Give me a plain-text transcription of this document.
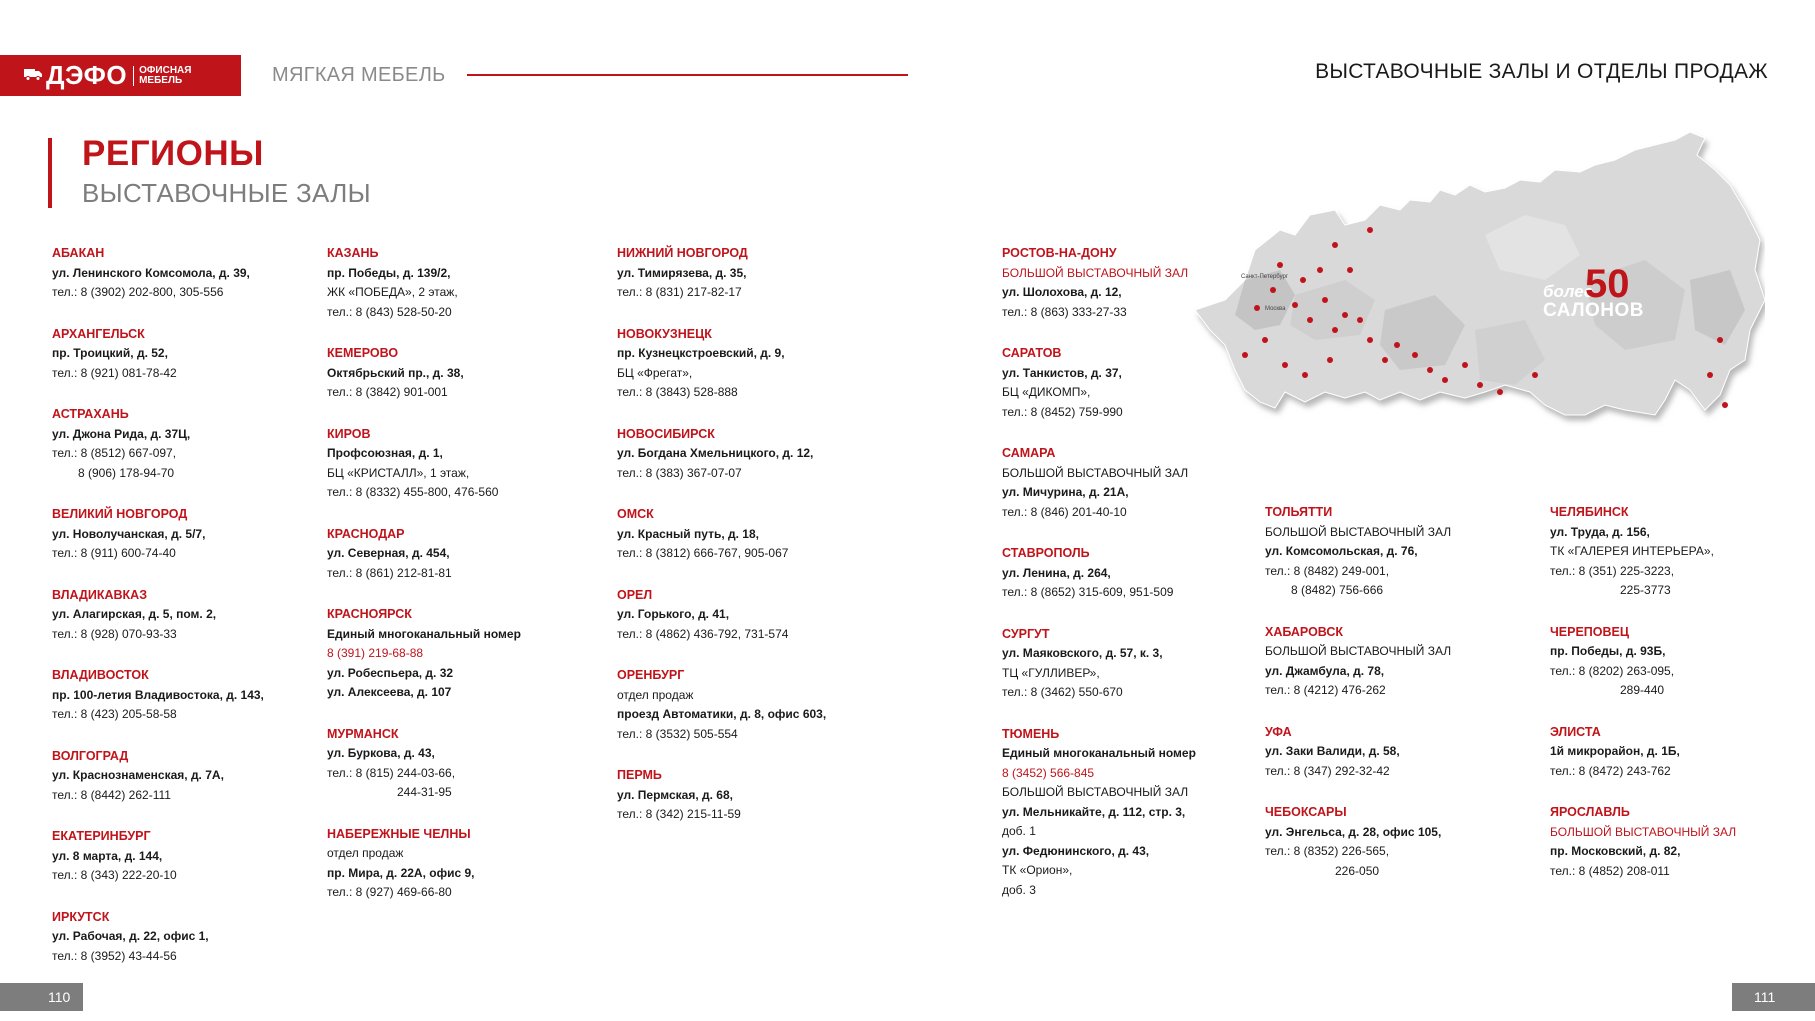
ДЭФО	ОФИСНАЯ
МЕБЕЛЬ	МЯГКАЯ МЕБЕЛЬ	ВЫСТАВОЧНЫЕ ЗАЛЫ И ОТДЕЛЫ ПРОДАЖ
РЕГИОНЫ
ВЫСТАВОЧНЫЕ ЗАЛЫ
АБАКАН
ул. Ленинского Комсомола, д. 39,
тел.: 8 (3902) 202-800, 305-556
АРХАНГЕЛЬСК
пр. Троицкий, д. 52,
тел.: 8 (921) 081-78-42
АСТРАХАНЬ
ул. Джона Рида, д. 37Ц,
тел.: 8 (8512) 667-097,
8 (906) 178-94-70
ВЕЛИКИЙ НОВГОРОД
ул. Новолучанская, д. 5/7,
тел.: 8 (911) 600-74-40
ВЛАДИКАВКАЗ
ул. Алагирская, д. 5, пом. 2,
тел.: 8 (928) 070-93-33
ВЛАДИВОСТОК
пр. 100-летия Владивостока, д. 143,
тел.: 8 (423) 205-58-58
ВОЛГОГРАД
ул. Краснознаменская, д. 7А,
тел.: 8 (8442) 262-111
ЕКАТЕРИНБУРГ
ул. 8 марта, д. 144,
тел.: 8 (343) 222-20-10
ИРКУТСК
ул. Рабочая, д. 22, офис 1,
тел.: 8 (3952) 43-44-56
КАЗАНЬ
пр. Победы, д. 139/2,
ЖК «ПОБЕДА», 2 этаж,
тел.: 8 (843) 528-50-20
КЕМЕРОВО
Октябрьский пр., д. 38,
тел.: 8 (3842) 901-001
КИРОВ
Профсоюзная, д. 1,
БЦ «КРИСТАЛЛ», 1 этаж,
тел.: 8 (8332) 455-800, 476-560
КРАСНОДАР
ул. Северная, д. 454,
тел.: 8 (861) 212-81-81
КРАСНОЯРСК
Единый многоканальный номер
8 (391) 219-68-88
ул. Робеспьера, д. 32
ул. Алексеева, д. 107
МУРМАНСК
ул. Буркова, д. 43,
тел.: 8 (815) 244-03-66,
244-31-95
НАБЕРЕЖНЫЕ ЧЕЛНЫ
отдел продаж
пр. Мира, д. 22А, офис 9,
тел.: 8 (927) 469-66-80
НИЖНИЙ НОВГОРОД
ул. Тимирязева, д. 35,
тел.: 8 (831) 217-82-17
НОВОКУЗНЕЦК
пр. Кузнецкстроевский, д. 9,
БЦ «Фрегат»,
тел.: 8 (3843) 528-888
НОВОСИБИРСК
ул. Богдана Хмельницкого, д. 12,
тел.: 8 (383) 367-07-07
ОМСК
ул. Красный путь, д. 18,
тел.: 8 (3812) 666-767, 905-067
ОРЕЛ
ул. Горького, д. 41,
тел.: 8 (4862) 436-792, 731-574
ОРЕНБУРГ
отдел продаж
проезд Автоматики, д. 8, офис 603,
тел.: 8 (3532) 505-554
ПЕРМЬ
ул. Пермская, д. 68,
тел.: 8 (342) 215-11-59
РОСТОВ-НА-ДОНУ
БОЛЬШОЙ ВЫСТАВОЧНЫЙ ЗАЛ
ул. Шолохова, д. 12,
тел.: 8 (863) 333-27-33
САРАТОВ
ул. Танкистов, д. 37,
БЦ «ДИКОМП»,
тел.: 8 (8452) 759-990
САМАРА
БОЛЬШОЙ ВЫСТАВОЧНЫЙ ЗАЛ
ул. Мичурина, д. 21А,
тел.: 8 (846) 201-40-10
СТАВРОПОЛЬ
ул. Ленина, д. 264,
тел.: 8 (8652) 315-609, 951-509
СУРГУТ
ул. Маяковского, д. 57, к. 3,
ТЦ «ГУЛЛИВЕР»,
тел.: 8 (3462) 550-670
ТЮМЕНЬ
Единый многоканальный номер
8 (3452) 566-845
БОЛЬШОЙ ВЫСТАВОЧНЫЙ ЗАЛ
ул. Мельникайте, д. 112, стр. 3,
доб. 1
ул. Федюнинского, д. 43,
ТК «Орион»,
доб. 3
ТОЛЬЯТТИ
БОЛЬШОЙ ВЫСТАВОЧНЫЙ ЗАЛ
ул. Комсомольская, д. 76,
тел.: 8 (8482) 249-001,
8 (8482) 756-666
ХАБАРОВСК
БОЛЬШОЙ ВЫСТАВОЧНЫЙ ЗАЛ
ул. Джамбула, д. 78,
тел.: 8 (4212) 476-262
УФА
ул. Заки Валиди, д. 58,
тел.: 8 (347) 292-32-42
ЧЕБОКСАРЫ
ул. Энгельса, д. 28, офис 105,
тел.: 8 (8352) 226-565,
226-050
ЧЕЛЯБИНСК
ул. Труда, д. 156,
ТК «ГАЛЕРЕЯ ИНТЕРЬЕРА»,
тел.: 8 (351) 225-3223,
225-3773
ЧЕРЕПОВЕЦ
пр. Победы, д. 93Б,
тел.: 8 (8202) 263-095,
289-440
ЭЛИСТА
1й микрорайон, д. 1Б,
тел.: 8 (8472) 243-762
ЯРОСЛАВЛЬ
БОЛЬШОЙ ВЫСТАВОЧНЫЙ ЗАЛ
пр. Московский, д. 82,
тел.: 8 (4852) 208-011
Санкт-Петербург
Москва
более
50
САЛОНОВ
110	111
